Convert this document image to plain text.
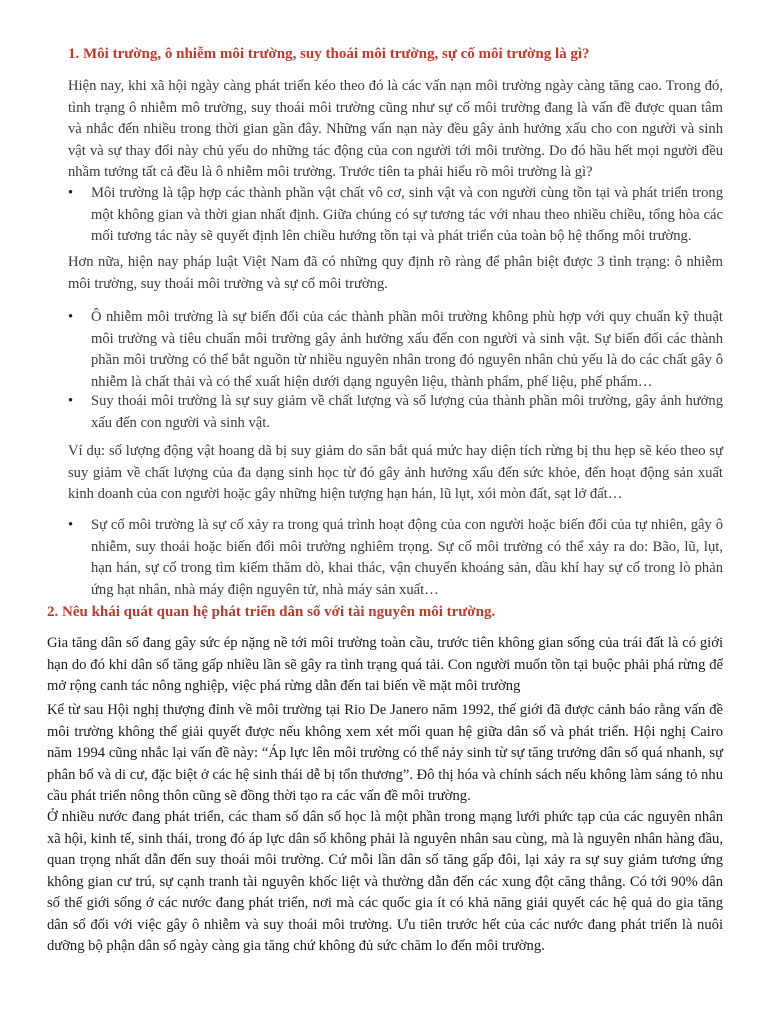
1. Môi trường, ô nhiễm môi trường, suy thoái môi trường, sự cố môi trường là gì?

Hiện nay, khi xã hội ngày càng phát triển kéo theo đó là các vấn nạn môi trường ngày càng tăng cao. Trong đó, tình trạng ô nhiễm mô trường, suy thoái môi trường cũng như sự cố môi trường đang là vấn đề được quan tâm và nhắc đến nhiều trong thời gian gần đây. Những vấn nạn này đều gây ảnh hưởng xấu cho con người và sinh vật và sự thay đổi này chủ yếu do những tác động của con người tới môi trường. Do đó hầu hết mọi người đều nhầm tưởng tất cả đều là ô nhiễm môi trường. Trước tiên ta phải hiểu rõ môi trường là gì?

•	Môi trường là tập hợp các thành phần vật chất vô cơ, sinh vật và con người cùng tồn tại và phát triển trong một không gian và thời gian nhất định. Giữa chúng có sự tương tác với nhau theo nhiều chiều, tổng hòa các mối tương tác này sẽ quyết định lên chiều hướng tồn tại và phát triển của toàn bộ hệ thống môi trường.

Hơn nữa, hiện nay pháp luật Việt Nam đã có những quy định rõ ràng để phân biệt được 3 tình trạng: ô nhiễm môi trường, suy thoái môi trường và sự cố môi trường.

•	Ô nhiễm môi trường là sự biến đổi của các thành phần môi trường không phù hợp với quy chuẩn kỹ thuật môi trường và tiêu chuẩn môi trường gây ảnh hưởng xấu đến con người và sinh vật. Sự biến đổi các thành phần môi trường có thể bắt nguồn từ nhiều nguyên nhân trong đó nguyên nhân chủ yếu là do các chất gây ô nhiễm là chất thải và có thể xuất hiện dưới dạng nguyên liệu, thành phẩm, phế liệu, phế phẩm…

•	Suy thoái môi trường là sự suy giảm về chất lượng và số lượng của thành phần môi trường, gây ảnh hưởng xấu đến con người và sinh vật.

Ví dụ: số lượng động vật hoang dã bị suy giảm do săn bắt quá mức hay diện tích rừng bị thu hẹp sẽ kéo theo sự suy giảm về chất lượng của đa dạng sinh học từ đó gây ảnh hưởng xấu đến sức khỏe, đến hoạt động sản xuất kinh doanh của con người hoặc gây những hiện tượng hạn hán, lũ lụt, xói mòn đất, sạt lở đất…

•	Sự cố môi trường là sự cố xảy ra trong quá trình hoạt động của con người hoặc biến đổi của tự nhiên, gây ô nhiễm, suy thoái hoặc biến đổi môi trường nghiêm trọng. Sự cố môi trường có thể xảy ra do: Bão, lũ, lụt, hạn hán, sự cố trong tìm kiếm thăm dò, khai thác, vận chuyển khoáng sản, dầu khí hay sự cố trong lò phản ứng hạt nhân, nhà máy điện nguyên tử, nhà máy sản xuất…

2. Nêu khái quát quan hệ phát triển dân số với tài nguyên môi trường.

Gia tăng dân số đang gây sức ép nặng nề tới môi trường toàn cầu, trước tiên không gian sống của trái đất là có giới hạn do đó khi dân số tăng gấp nhiều lần sẽ gây ra tình trạng quá tải. Con người muốn tồn tại buộc phải phá rừng để mở rộng canh tác nông nghiệp, việc phá rừng dẫn đến tai biến về mặt môi trường

Kể từ sau Hội nghị thượng đỉnh về môi trường tại Rio De Janero năm 1992, thế giới đã được cảnh báo rằng vấn đề môi trường không thể giải quyết được nếu không xem xét mối quan hệ giữa dân số và phát triển. Hội nghị Cairo năm 1994 cũng nhắc lại vấn đề này: “Áp lực lên môi trường có thể nảy sinh từ sự tăng trưởng dân số quá nhanh, sự phân bố và di cư, đặc biệt ở các hệ sinh thái dễ bị tổn thương”. Đô thị hóa và chính sách nếu không làm sáng tỏ nhu cầu phát triển nông thôn cũng sẽ đồng thời tạo ra các vấn đề môi trường.

Ở nhiều nước đang phát triển, các tham số dân số học là một phần trong mạng lưới phức tạp của các nguyên nhân xã hội, kinh tế, sinh thái, trong đó áp lực dân số không phải là nguyên nhân sau cùng, mà là nguyên nhân hàng đầu, quan trọng nhất dẫn đến suy thoái môi trường. Cứ mỗi lần dân số tăng gấp đôi, lại xảy ra sự suy giảm tương ứng không gian cư trú, sự cạnh tranh tài nguyên khốc liệt và thường dẫn đến các xung đột căng thẳng. Có tới 90% dân số thế giới sống ở các nước đang phát triển, nơi mà các quốc gia ít có khả năng giải quyết các hệ quả do gia tăng dân số đối với việc gây ô nhiễm và suy thoái môi trường. Ưu tiên trước hết của các nước đang phát triển là nuôi dưỡng bộ phận dân số ngày càng gia tăng chứ không đủ sức chăm lo đến môi trường.
